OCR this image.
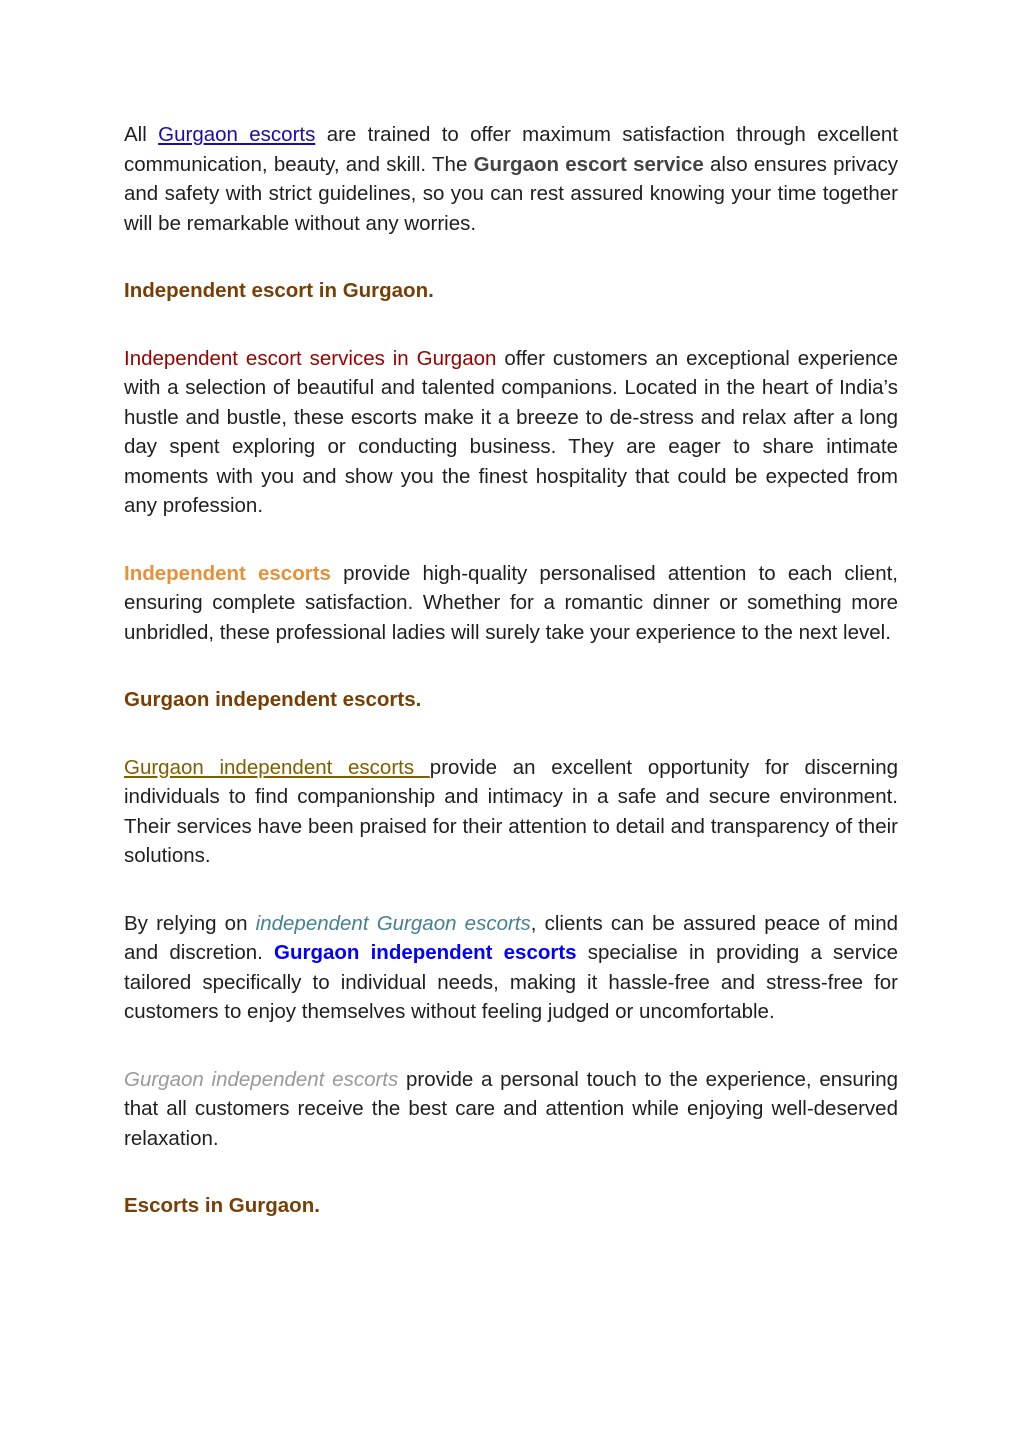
All Gurgaon escorts are trained to offer maximum satisfaction through excellent communication, beauty, and skill. The Gurgaon escort service also ensures privacy and safety with strict guidelines, so you can rest assured knowing your time together will be remarkable without any worries.

Independent escort in Gurgaon.

Independent escort services in Gurgaon offer customers an exceptional experience with a selection of beautiful and talented companions. Located in the heart of India’s hustle and bustle, these escorts make it a breeze to de-stress and relax after a long day spent exploring or conducting business. They are eager to share intimate moments with you and show you the finest hospitality that could be expected from any profession.

Independent escorts provide high-quality personalised attention to each client, ensuring complete satisfaction. Whether for a romantic dinner or something more unbridled, these professional ladies will surely take your experience to the next level.

Gurgaon independent escorts.

Gurgaon independent escorts provide an excellent opportunity for discerning individuals to find companionship and intimacy in a safe and secure environment. Their services have been praised for their attention to detail and transparency of their solutions.

By relying on independent Gurgaon escorts, clients can be assured peace of mind and discretion. Gurgaon independent escorts specialise in providing a service tailored specifically to individual needs, making it hassle-free and stress-free for customers to enjoy themselves without feeling judged or uncomfortable.

Gurgaon independent escorts provide a personal touch to the experience, ensuring that all customers receive the best care and attention while enjoying well-deserved relaxation.

Escorts in Gurgaon.
